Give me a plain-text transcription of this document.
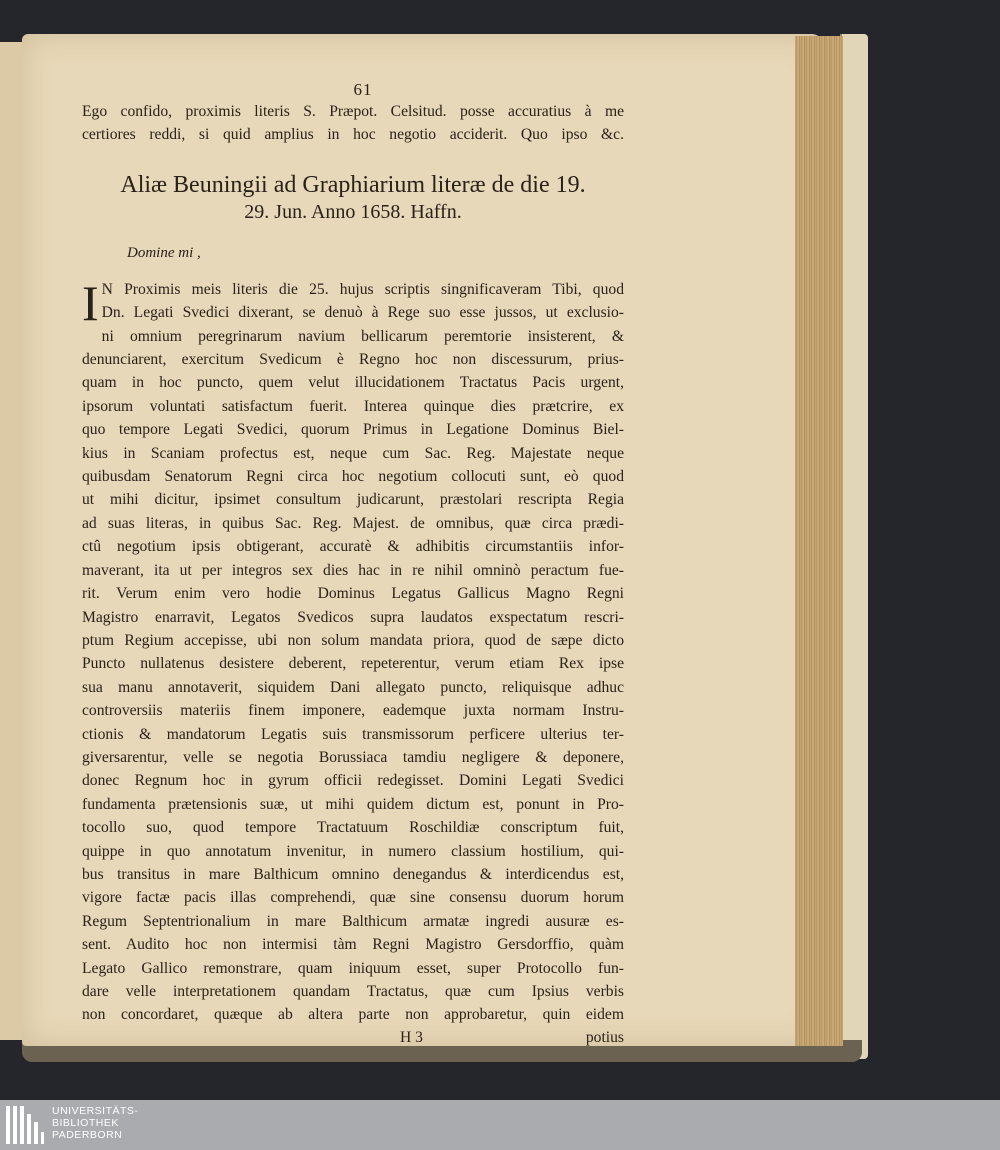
61
Ego confido, proximis literis S. Præpot. Celsitud. posse accuratius à me
certiores reddi, si quid amplius in hoc negotio acciderit. Quo ipso &c.
Aliæ Beuningii ad Graphiarium literæ de die 19.
29. Jun. Anno 1658. Haffn.
Domine mi ,
I N Proximis meis literis die 25. hujus scriptis singnificaveram Tibi, quod
Dn. Legati Svedici dixerant, se denuò à Rege suo esse jussos, ut exclusio-
ni omnium peregrinarum navium bellicarum peremtorie insisterent, &
denunciarent, exercitum Svedicum è Regno hoc non discessurum, prius-
quam in hoc puncto, quem velut illucidationem Tractatus Pacis urgent,
ipsorum voluntati satisfactum fuerit. Interea quinque dies prætcrire, ex
quo tempore Legati Svedici, quorum Primus in Legatione Dominus Biel-
kius in Scaniam profectus est, neque cum Sac. Reg. Majestate neque
quibusdam Senatorum Regni circa hoc negotium collocuti sunt, eò quod
ut mihi dicitur, ipsimet consultum judicarunt, præstolari rescripta Regia
ad suas literas, in quibus Sac. Reg. Majest. de omnibus, quæ circa prædi-
ctû negotium ipsis obtigerant, accuratè & adhibitis circumstantiis infor-
maverant, ita ut per integros sex dies hac in re nihil omninò peractum fue-
rit. Verum enim vero hodie Dominus Legatus Gallicus Magno Regni
Magistro enarravit, Legatos Svedicos supra laudatos exspectatum rescri-
ptum Regium accepisse, ubi non solum mandata priora, quod de sæpe dicto
Puncto nullatenus desistere deberent, repeterentur, verum etiam Rex ipse
sua manu annotaverit, siquidem Dani allegato puncto, reliquisque adhuc
controversiis materiis finem imponere, eademque juxta normam Instru-
ctionis & mandatorum Legatis suis transmissorum perficere ulterius ter-
giversarentur, velle se negotia Borussiaca tamdiu negligere & deponere,
donec Regnum hoc in gyrum officii redegisset. Domini Legati Svedici
fundamenta prætensionis suæ, ut mihi quidem dictum est, ponunt in Pro-
tocollo suo, quod tempore Tractatuum Roschildiæ conscriptum fuit,
quippe in quo annotatum invenitur, in numero classium hostilium, qui-
bus transitus in mare Balthicum omnino denegandus & interdicendus est,
vigore factæ pacis illas comprehendi, quæ sine consensu duorum horum
Regum Septentrionalium in mare Balthicum armatæ ingredi ausuræ es-
sent. Audito hoc non intermisi tàm Regni Magistro Gersdorffio, quàm
Legato Gallico remonstrare, quam iniquum esset, super Protocollo fun-
dare velle interpretationem quandam Tractatus, quæ cum Ipsius verbis
non concordaret, quæque ab altera parte non approbaretur, quin eidem
H 3	potius
UNIVERSITÄTS-
BIBLIOTHEK
PADERBORN
